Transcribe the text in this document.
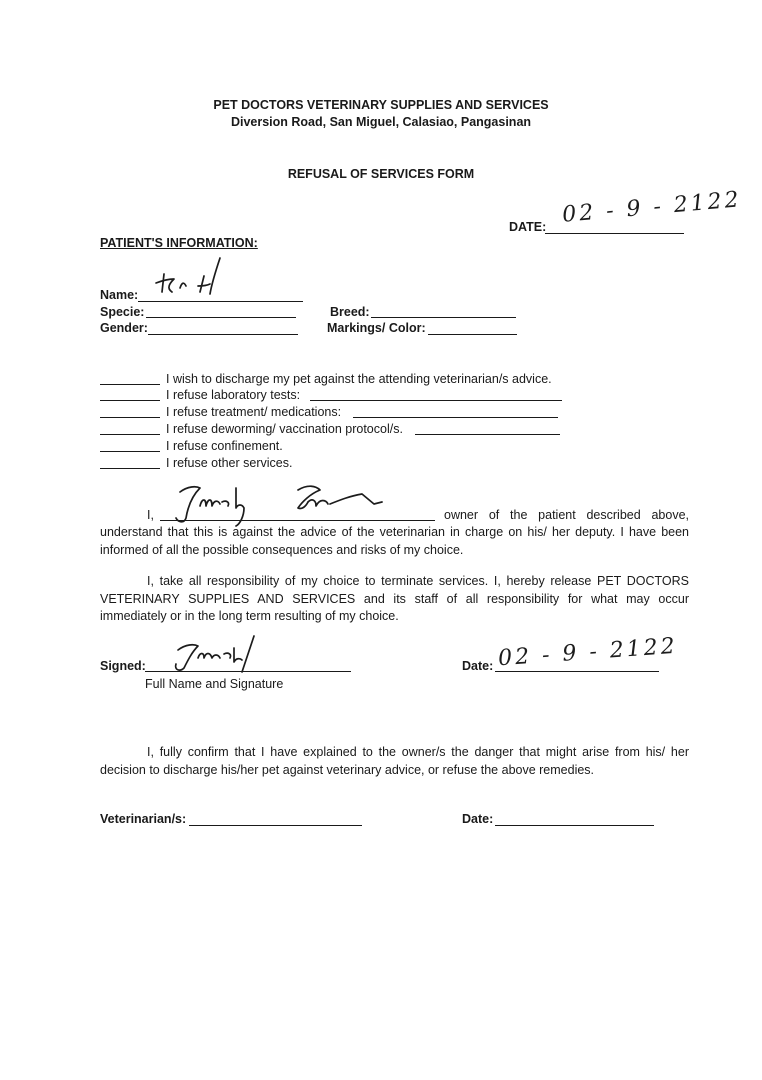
PET DOCTORS VETERINARY SUPPLIES AND SERVICES
Diversion Road, San Miguel, Calasiao, Pangasinan
REFUSAL OF SERVICES FORM
DATE: 02 - 9 - 2122
PATIENT'S INFORMATION:
Name:
Specie:	Breed:
Gender:	Markings/ Color:
I wish to discharge my pet against the attending veterinarian/s advice.
I refuse laboratory tests:
I refuse treatment/ medications:
I refuse deworming/ vaccination protocol/s.
I refuse confinement.
I refuse other services.
I,	owner of the patient described above,
understand that this is against the advice of the veterinarian in charge on his/ her deputy. I have been informed of all the possible consequences and risks of my choice.
I, take all responsibility of my choice to terminate services. I, hereby release PET DOCTORS VETERINARY SUPPLIES AND SERVICES and its staff of all responsibility for what may occur immediately or in the long term resulting of my choice.
Signed:
Full Name and Signature
Date: 02 - 9 - 2122
I, fully confirm that I have explained to the owner/s the danger that might arise from his/ her decision to discharge his/her pet against veterinary advice, or refuse the above remedies.
Veterinarian/s:	Date:
